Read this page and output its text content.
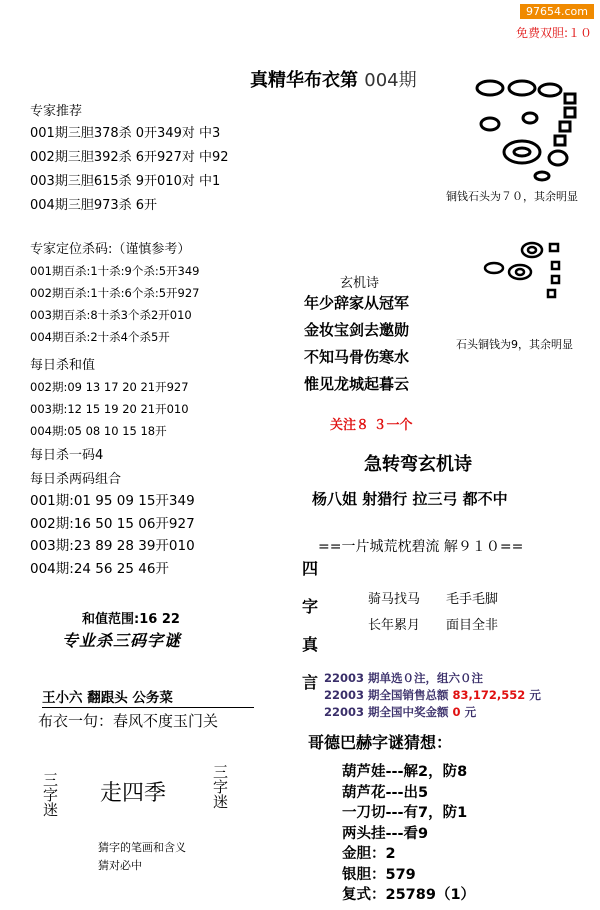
97654.com
免费双胆:１０
真精华布衣第 004期
专家推荐
001期三胆378杀 0开349对 中3
002期三胆392杀 6开927对 中92
003期三胆615杀 9开010对 中1
004期三胆973杀 6开
专家定位杀码:（谨慎参考）
001期百杀:1十杀:9个杀:5开349
002期百杀:1十杀:6个杀:5开927
003期百杀:8十杀3个杀2开010
004期百杀:2十杀4个杀5开
每日杀和值
002期:09 13 17 20 21开927
003期:12 15 19 20 21开010
004期:05 08 10 15 18开
每日杀一码4
每日杀两码组合
001期:01 95 09 15开349
002期:16 50 15 06开927
003期:23 89 28 39开010
004期:24 56 25 46开
和值范围:16 22
专业杀三码字谜
王小六 翻跟头 公务菜
布衣一句：春风不度玉门关
三字迷 走四季	三字迷
猜字的笔画和含义
猜对必中
铜钱石头为７０，其余明显
石头铜钱为9，其余明显
玄机诗
年少辞家从冠军
金妆宝剑去邀勋
不知马骨伤寒水
惟见龙城起暮云
关注８ ３一个
急转弯玄机诗
杨八姐 射猎行 拉三弓 都不中
==一片城荒枕碧流 解９１０==
四
字
真
言
骑马找马 毛手毛脚
长年累月 面目全非
22003 期单选０注，组六０注
22003 期全国销售总额 83,172,552 元
22003 期全国中奖金额 0 元
哥德巴赫字谜猜想：
葫芦娃---解2，防8
葫芦花---出5
一刀切---有7，防1
两头挂---看9
金胆：2
银胆：579
复式：25789（1）
